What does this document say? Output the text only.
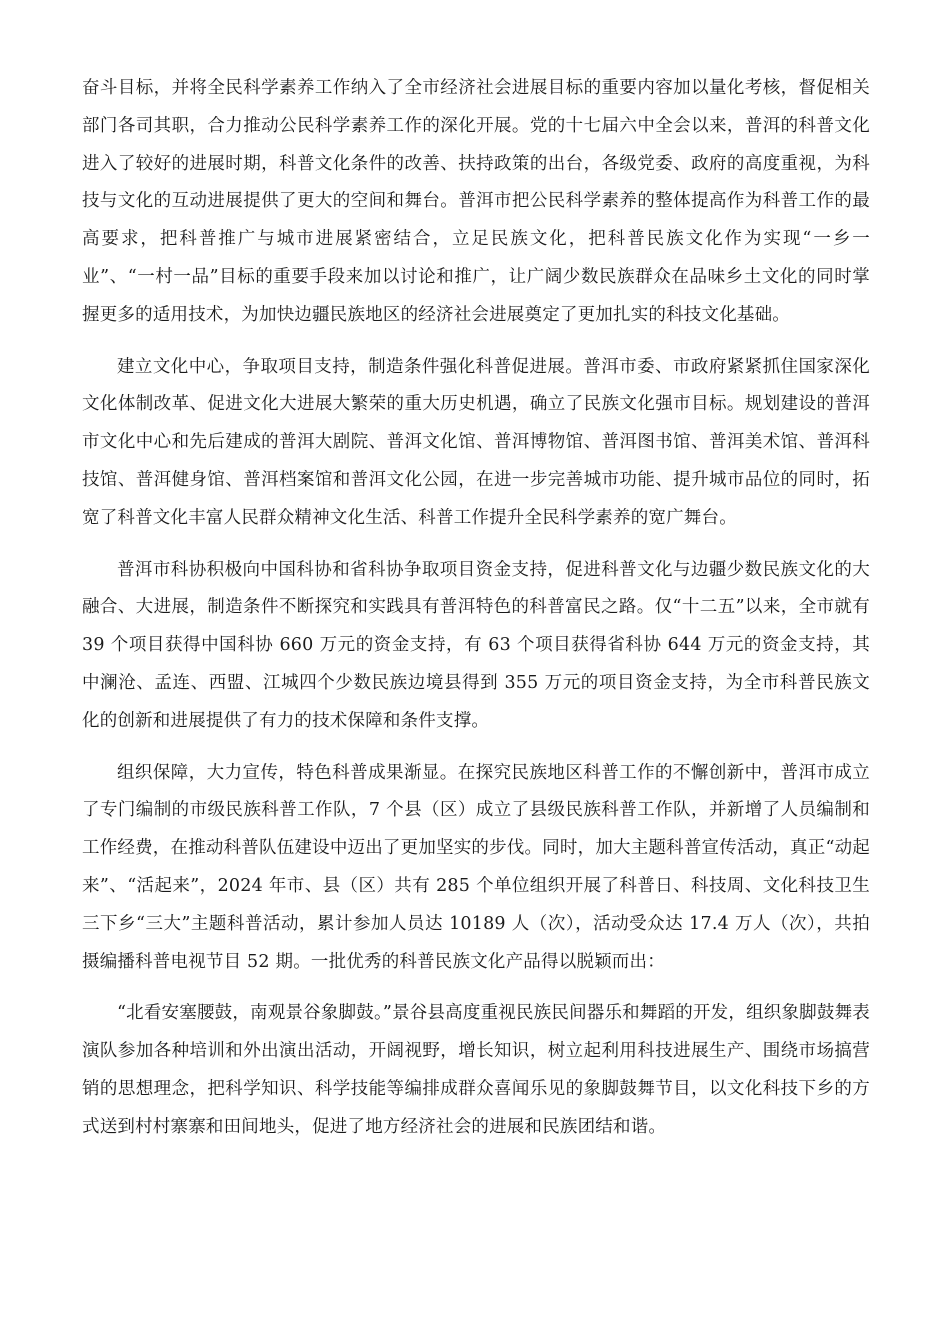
奋斗目标，并将全民科学素养工作纳入了全市经济社会进展目标的重要内容加以量化考核，督促相关部门各司其职，合力推动公民科学素养工作的深化开展。党的十七届六中全会以来，普洱的科普文化进入了较好的进展时期，科普文化条件的改善、扶持政策的出台，各级党委、政府的高度重视，为科技与文化的互动进展提供了更大的空间和舞台。普洱市把公民科学素养的整体提高作为科普工作的最高要求，把科普推广与城市进展紧密结合，立足民族文化，把科普民族文化作为实现“一乡一业”、“一村一品”目标的重要手段来加以讨论和推广，让广阔少数民族群众在品味乡土文化的同时掌握更多的适用技术，为加快边疆民族地区的经济社会进展奠定了更加扎实的科技文化基础。

建立文化中心，争取项目支持，制造条件强化科普促进展。普洱市委、市政府紧紧抓住国家深化文化体制改革、促进文化大进展大繁荣的重大历史机遇，确立了民族文化强市目标。规划建设的普洱市文化中心和先后建成的普洱大剧院、普洱文化馆、普洱博物馆、普洱图书馆、普洱美术馆、普洱科技馆、普洱健身馆、普洱档案馆和普洱文化公园，在进一步完善城市功能、提升城市品位的同时，拓宽了科普文化丰富人民群众精神文化生活、科普工作提升全民科学素养的宽广舞台。

普洱市科协积极向中国科协和省科协争取项目资金支持，促进科普文化与边疆少数民族文化的大融合、大进展，制造条件不断探究和实践具有普洱特色的科普富民之路。仅“十二五”以来，全市就有 39 个项目获得中国科协 660 万元的资金支持，有 63 个项目获得省科协 644 万元的资金支持，其中澜沧、孟连、西盟、江城四个少数民族边境县得到 355 万元的项目资金支持，为全市科普民族文化的创新和进展提供了有力的技术保障和条件支撑。

组织保障，大力宣传，特色科普成果渐显。在探究民族地区科普工作的不懈创新中，普洱市成立了专门编制的市级民族科普工作队，7 个县（区）成立了县级民族科普工作队，并新增了人员编制和工作经费，在推动科普队伍建设中迈出了更加坚实的步伐。同时，加大主题科普宣传活动，真正“动起来”、“活起来”，2024 年市、县（区）共有 285 个单位组织开展了科普日、科技周、文化科技卫生三下乡“三大”主题科普活动，累计参加人员达 10189 人（次），活动受众达 17.4 万人（次），共拍摄编播科普电视节目 52 期。一批优秀的科普民族文化产品得以脱颖而出：

“北看安塞腰鼓，南观景谷象脚鼓。”景谷县高度重视民族民间器乐和舞蹈的开发，组织象脚鼓舞表演队参加各种培训和外出演出活动，开阔视野，增长知识，树立起利用科技进展生产、围绕市场搞营销的思想理念，把科学知识、科学技能等编排成群众喜闻乐见的象脚鼓舞节目，以文化科技下乡的方式送到村村寨寨和田间地头，促进了地方经济社会的进展和民族团结和谐。
